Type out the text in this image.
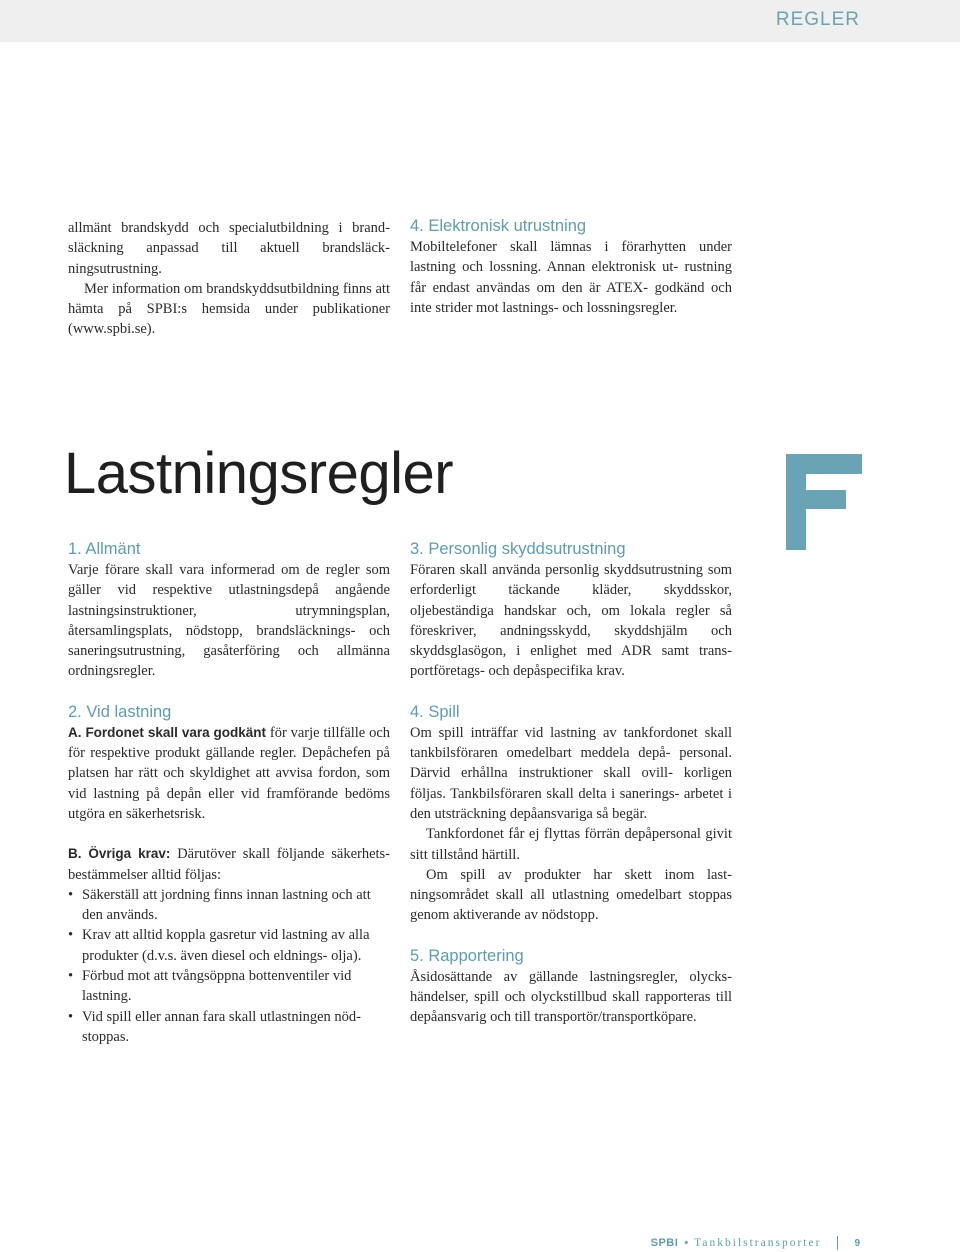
REGLER

allmänt brandskydd och specialutbildning i brand- släckning anpassad till aktuell brandsläck- ningsutrustning.

Mer information om brandskyddsutbildning finns att hämta på SPBI:s hemsida under publikationer (www.spbi.se).

4. Elektronisk utrustning

Mobiltelefoner skall lämnas i förarhytten under lastning och lossning. Annan elektronisk ut- rustning får endast användas om den är ATEX- godkänd och inte strider mot lastnings- och lossningsregler.

Lastningsregler
1. Allmänt

Varje förare skall vara informerad om de regler som gäller vid respektive utlastningsdepå angående lastningsinstruktioner, utrymningsplan, återsamlingsplats, nödstopp, brandsläcknings- och saneringsutrustning, gasåterföring och allmänna ordningsregler.

2. Vid lastning

A. Fordonet skall vara godkänt för varje tillfälle och för respektive produkt gällande regler. Depåchefen på platsen har rätt och skyldighet att avvisa fordon, som vid lastning på depån eller vid framförande bedöms utgöra en säkerhetsrisk.

B. Övriga krav: Därutöver skall följande säkerhets- bestämmelser alltid följas:

• Säkerställ att jordning finns innan lastning och att den används.
• Krav att alltid koppla gasretur vid lastning av alla produkter (d.v.s. även diesel och eldnings- olja).
• Förbud mot att tvångsöppna bottenventiler vid lastning.
• Vid spill eller annan fara skall utlastningen nöd- stoppas.
3. Personlig skyddsutrustning

Föraren skall använda personlig skyddsutrustning som erforderligt täckande kläder, skyddsskor, oljebeständiga handskar och, om lokala regler så föreskriver, andningsskydd, skyddshjälm och skyddsglasögon, i enlighet med ADR samt trans- portföretags- och depåspecifika krav.

4. Spill

Om spill inträffar vid lastning av tankfordonet skall tankbilsföraren omedelbart meddela depå- personal. Därvid erhållna instruktioner skall ovill- korligen följas. Tankbilsföraren skall delta i sanerings- arbetet i den utsträckning depåansvariga så begär.

Tankfordonet får ej flyttas förrän depåpersonal givit sitt tillstånd härtill.

Om spill av produkter har skett inom last- ningsområdet skall all utlastning omedelbart stoppas genom aktiverande av nödstopp.

5. Rapportering

Åsidosättande av gällande lastningsregler, olycks- händelser, spill och olyckstillbud skall rapporteras till depåansvarig och till transportör/transportköpare.

SPBI • Tankbilstransporter	9
